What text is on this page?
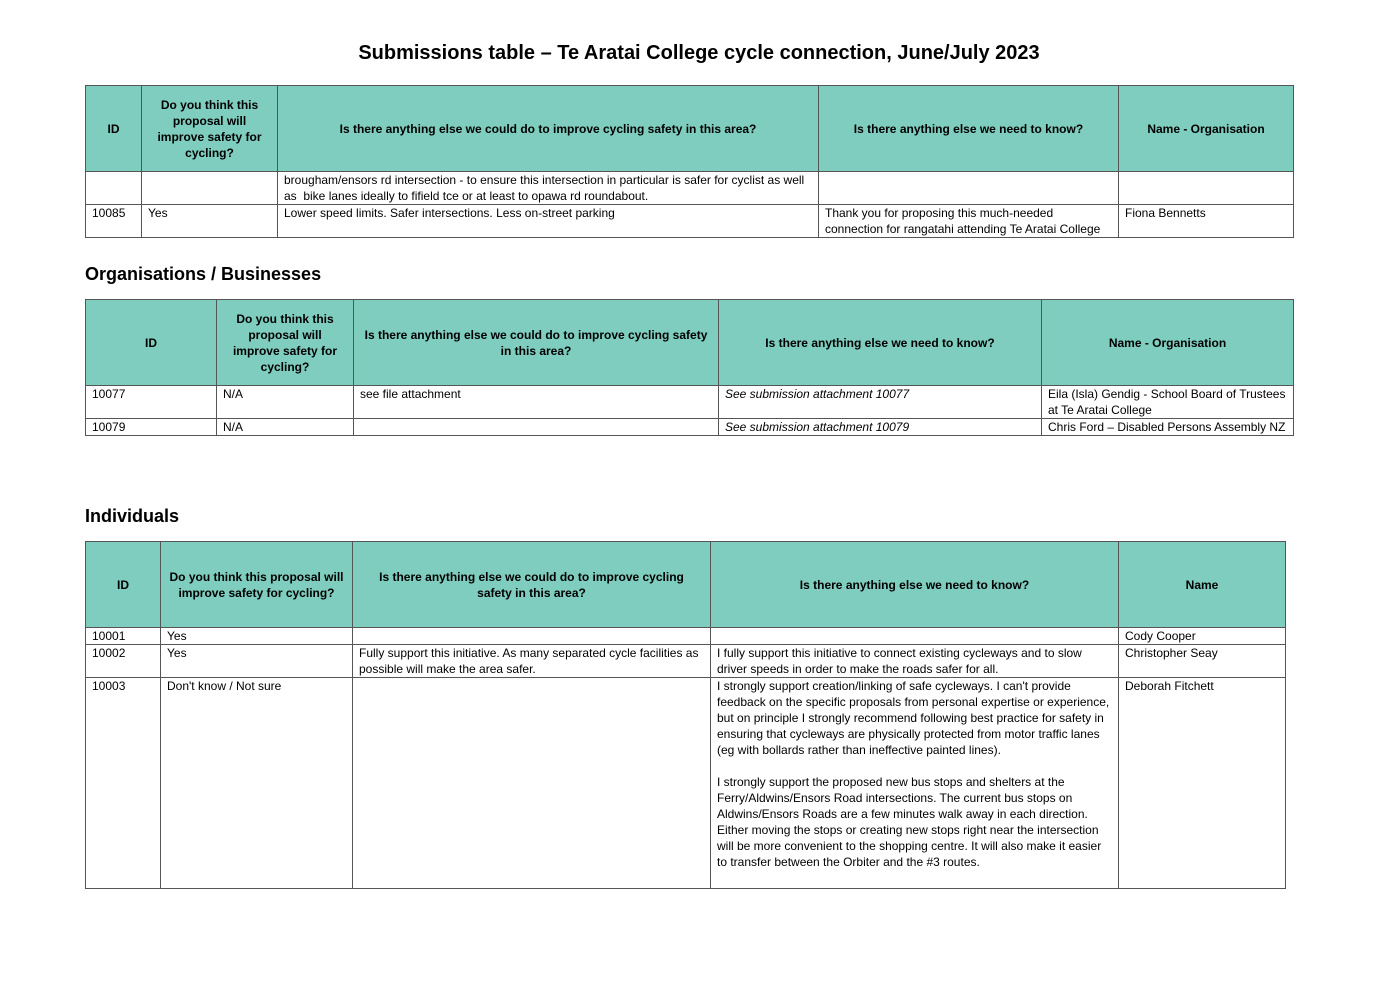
Submissions table – Te Aratai College cycle connection, June/July 2023
ID	Do you think this proposal will improve safety for cycling?	Is there anything else we could do to improve cycling safety in this area?	Is there anything else we need to know?	Name - Organisation
		brougham/ensors rd intersection - to ensure this intersection in particular is safer for cyclist as well as  bike lanes ideally to fifield tce or at least to opawa rd roundabout.		
10085	Yes	Lower speed limits. Safer intersections. Less on-street parking	Thank you for proposing this much-needed connection for rangatahi attending Te Aratai College	Fiona Bennetts
Organisations / Businesses
ID	Do you think this proposal will improve safety for cycling?	Is there anything else we could do to improve cycling safety in this area?	Is there anything else we need to know?	Name - Organisation
10077	N/A	see file attachment	See submission attachment 10077	Eila (Isla) Gendig - School Board of Trustees at Te Aratai College
10079	N/A		See submission attachment 10079	Chris Ford – Disabled Persons Assembly NZ
Individuals
ID	Do you think this proposal will improve safety for cycling?	Is there anything else we could do to improve cycling safety in this area?	Is there anything else we need to know?	Name
10001	Yes			Cody Cooper
10002	Yes	Fully support this initiative. As many separated cycle facilities as possible will make the area safer.	I fully support this initiative to connect existing cycleways and to slow driver speeds in order to make the roads safer for all.	Christopher Seay
10003	Don't know / Not sure		I strongly support creation/linking of safe cycleways. I can't provide feedback on the specific proposals from personal expertise or experience, but on principle I strongly recommend following best practice for safety in ensuring that cycleways are physically protected from motor traffic lanes (eg with bollards rather than ineffective painted lines).

I strongly support the proposed new bus stops and shelters at the Ferry/Aldwins/Ensors Road intersections. The current bus stops on Aldwins/Ensors Roads are a few minutes walk away in each direction. Either moving the stops or creating new stops right near the intersection will be more convenient to the shopping centre. It will also make it easier to transfer between the Orbiter and the #3 routes.	Deborah Fitchett
